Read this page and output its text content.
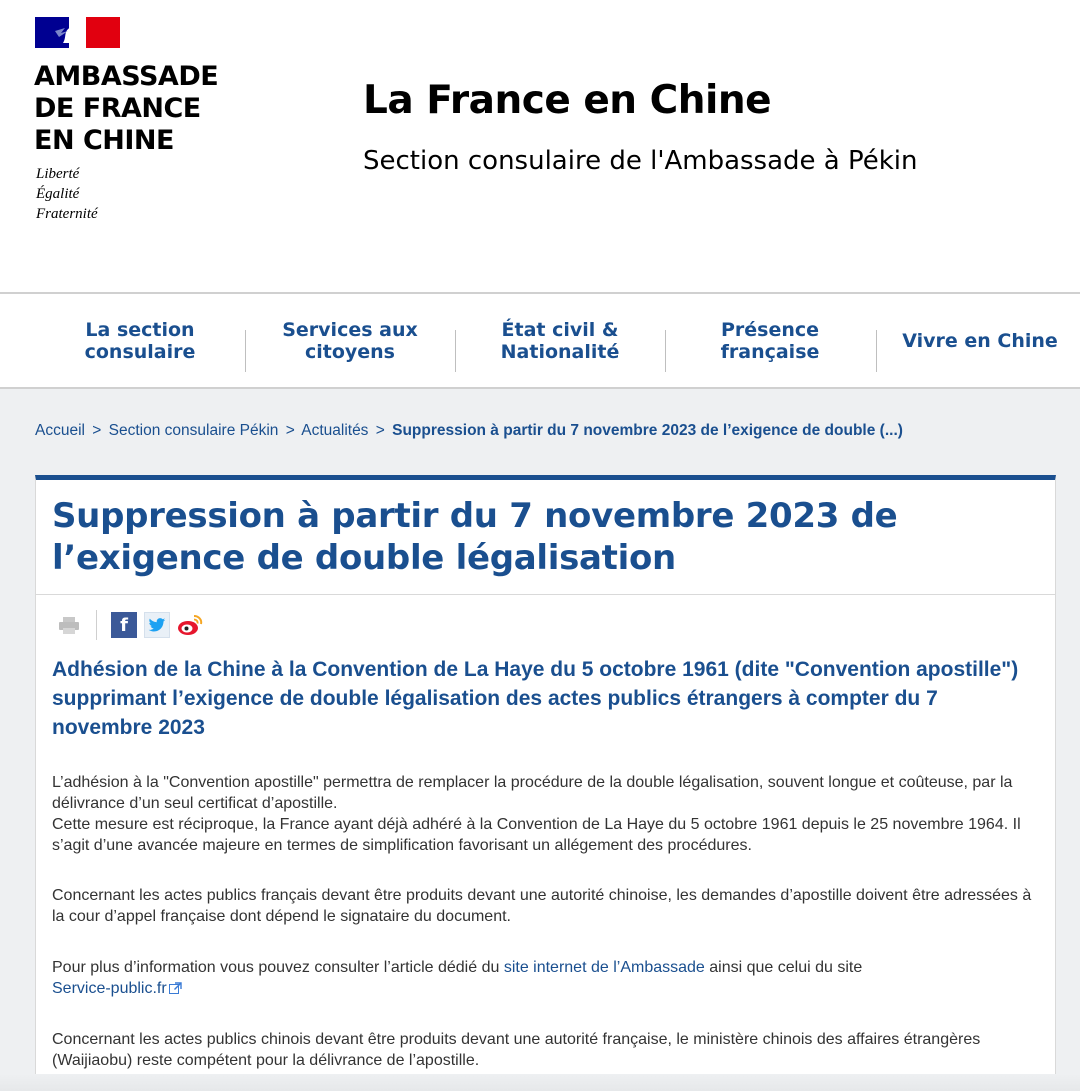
AMBASSADE
DE FRANCE
EN CHINE
Liberté
Égalité
Fraternité
La France en Chine
Section consulaire de l'Ambassade à Pékin
La section
consulaire
Services aux
citoyens
État civil &
Nationalité
Présence
française	Vivre en Chine
Accueil > Section consulaire Pékin > Actualités > Suppression à partir du 7 novembre 2023 de l’exigence de double (...)
Suppression à partir du 7 novembre 2023 de l’exigence de double légalisation
f
Adhésion de la Chine à la Convention de La Haye du 5 octobre 1961 (dite "Convention apostille") supprimant l’exigence de double légalisation des actes publics étrangers à compter du 7 novembre 2023
L’adhésion à la "Convention apostille" permettra de remplacer la procédure de la double légalisation, souvent longue et coûteuse, par la délivrance d’un seul certificat d’apostille.
Cette mesure est réciproque, la France ayant déjà adhéré à la Convention de La Haye du 5 octobre 1961 depuis le 25 novembre 1964. Il s’agit d’une avancée majeure en termes de simplification favorisant un allégement des procédures.
Concernant les actes publics français devant être produits devant une autorité chinoise, les demandes d’apostille doivent être adressées à la cour d’appel française dont dépend le signataire du document.
Pour plus d’information vous pouvez consulter l’article dédié du site internet de l’Ambassade ainsi que celui du site
Service-public.fr
Concernant les actes publics chinois devant être produits devant une autorité française, le ministère chinois des affaires étrangères (Waijiaobu) reste compétent pour la délivrance de l’apostille.
